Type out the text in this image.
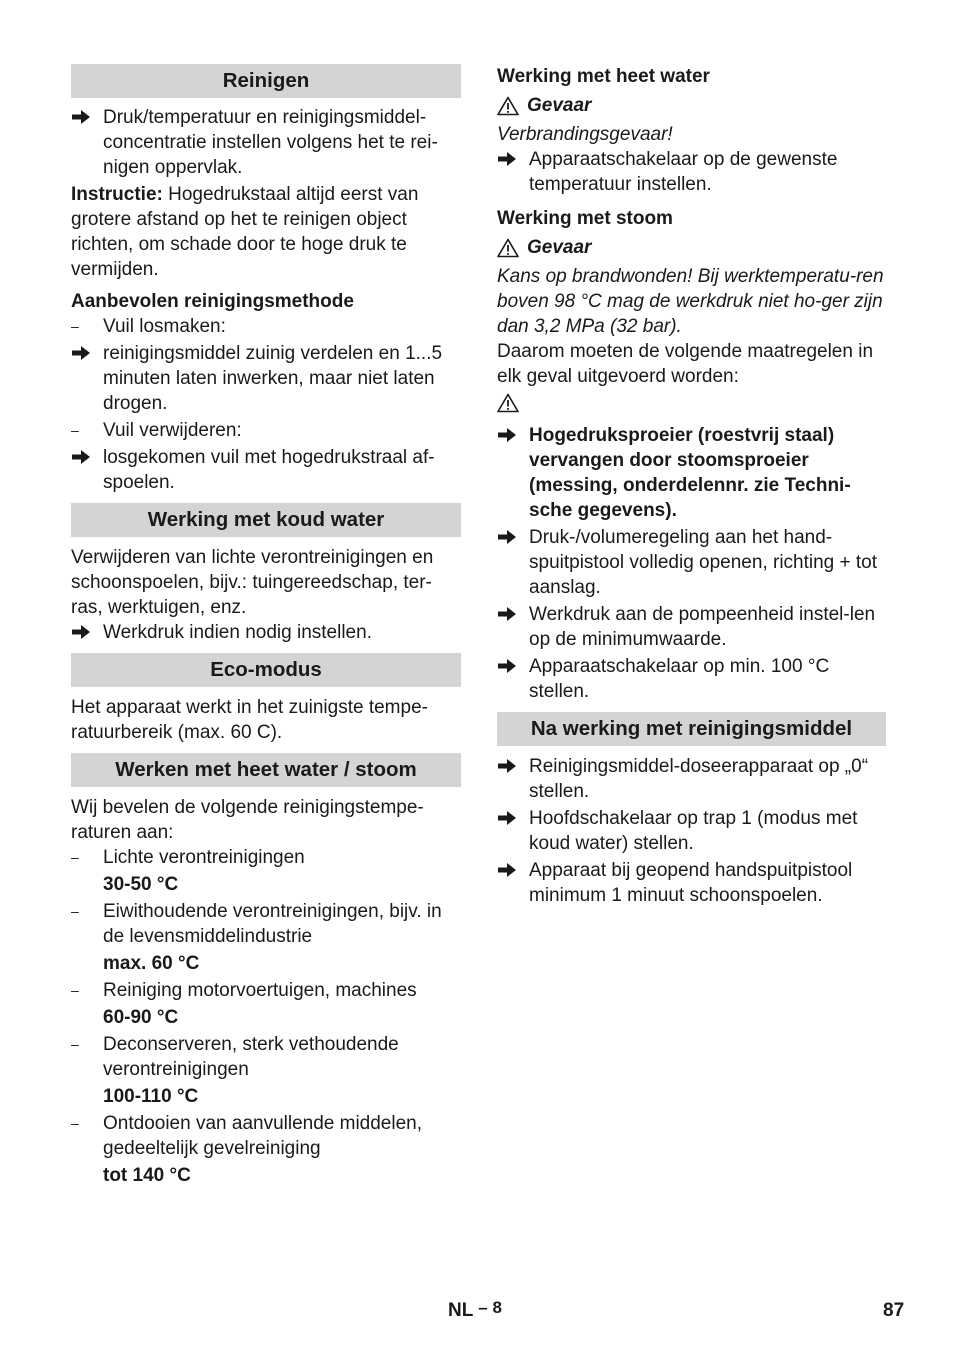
Reinigen
Druk/temperatuur en reinigingsmiddel-concentratie instellen volgens het te rei-nigen oppervlak.

Instructie: Hogedrukstaal altijd eerst van grotere afstand op het te reinigen object richten, om schade door te hoge druk te vermijden.

Aanbevolen reinigingsmethode
–	Vuil losmaken:
reinigingsmiddel zuinig verdelen en 1...5 minuten laten inwerken, maar niet laten drogen.
–	Vuil verwijderen:
losgekomen vuil met hogedrukstraal af-spoelen.
Werking met koud water

Verwijderen van lichte verontreinigingen en schoonspoelen, bijv.: tuingereedschap, ter-ras, werktuigen, enz.

Werkdruk indien nodig instellen.
Eco-modus

Het apparaat werkt in het zuinigste tempe-ratuurbereik (max. 60 C).

Werken met heet water / stoom

Wij bevelen de volgende reinigingstempe-raturen aan:

–	Lichte verontreinigingen
30-50 °C
–	Eiwithoudende verontreinigingen, bijv. in de levensmiddelindustrie
max. 60 °C
–	Reiniging motorvoertuigen, machines
60-90 °C
–	Deconserveren, sterk vethoudende verontreinigingen
100-110 °C
–	Ontdooien van aanvullende middelen, gedeeltelijk gevelreiniging
tot 140 °C
Werking met heet water
Gevaar

Verbrandingsgevaar!

Apparaatschakelaar op de gewenste temperatuur instellen.
Werking met stoom
Gevaar

Kans op brandwonden! Bij werktemperatu-ren boven 98 °C mag de werkdruk niet ho-ger zijn dan 3,2 MPa (32 bar).

Daarom moeten de volgende maatregelen in elk geval uitgevoerd worden:

Hogedruksproeier (roestvrij staal) vervangen door stoomsproeier (messing, onderdelennr. zie Techni-sche gegevens).
Druk-/volumeregeling aan het hand-spuitpistool volledig openen, richting + tot aanslag.
Werkdruk aan de pompeenheid instel-len op de minimumwaarde.
Apparaatschakelaar op min. 100 °C stellen.
Na werking met reinigingsmiddel
Reinigingsmiddel-doseerapparaat op „0“ stellen.
Hoofdschakelaar op trap 1 (modus met koud water) stellen.
Apparaat bij geopend handspuitpistool minimum 1 minuut schoonspoelen.
NL – 8	87
